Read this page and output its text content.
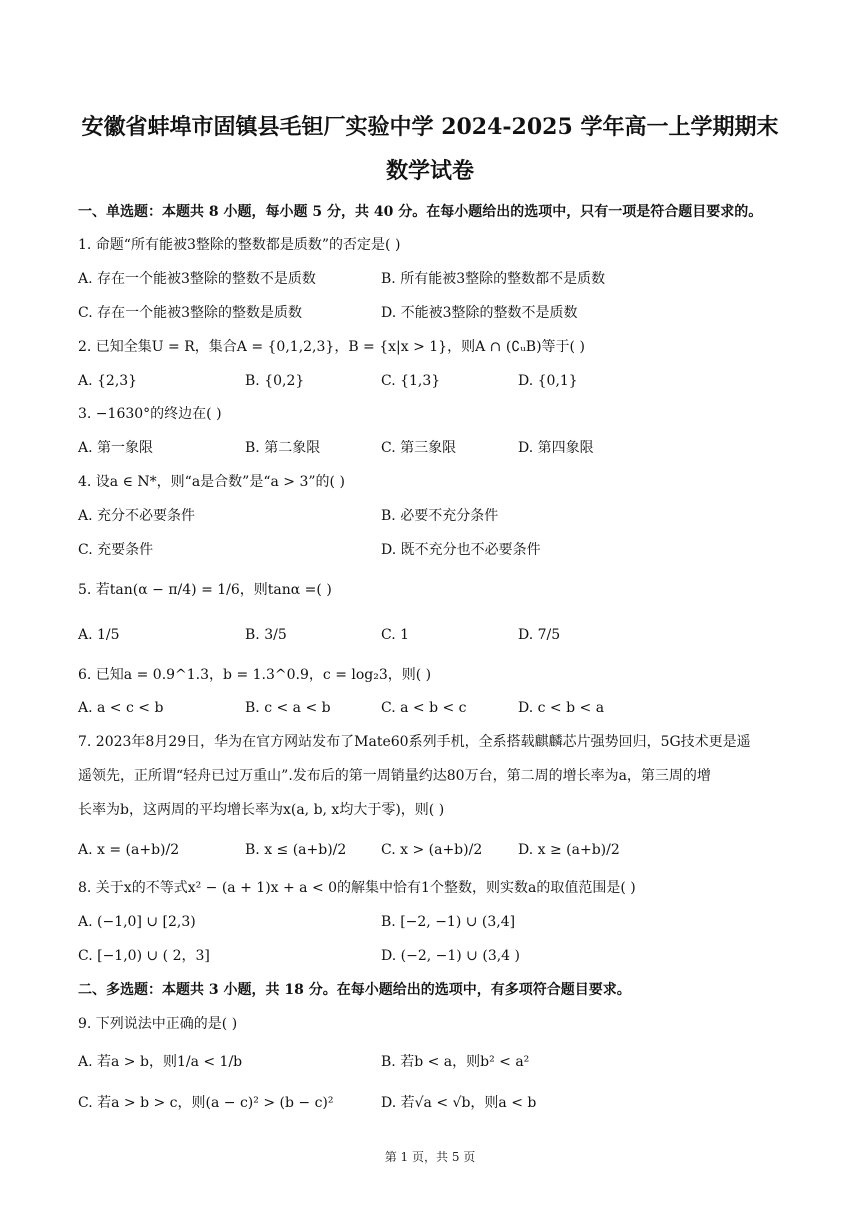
安徽省蚌埠市固镇县毛钽厂实验中学 2024-2025 学年高一上学期期末
数学试卷
一、单选题：本题共 8 小题，每小题 5 分，共 40 分。在每小题给出的选项中，只有一项是符合题目要求的。
1. 命题“所有能被3整除的整数都是质数”的否定是( )
A. 存在一个能被3整除的整数不是质数	B. 所有能被3整除的整数都不是质数
C. 存在一个能被3整除的整数是质数	D. 不能被3整除的整数不是质数
2. 已知全集U = R，集合A = {0,1,2,3}，B = {x|x > 1}，则A ∩ (∁ᵤB)等于( )
A. {2,3}	B. {0,2}	C. {1,3}	D. {0,1}
3. −1630°的终边在( )
A. 第一象限	B. 第二象限	C. 第三象限	D. 第四象限
4. 设a ∈ N*，则“a是合数”是“a > 3”的( )
A. 充分不必要条件	B. 必要不充分条件
C. 充要条件	D. 既不充分也不必要条件
5. 若tan(α − π/4) = 1/6，则tanα =( )
A. 1/5	B. 3/5	C. 1	D. 7/5
6. 已知a = 0.9^1.3，b = 1.3^0.9，c = log₂3，则( )
A. a < c < b	B. c < a < b	C. a < b < c	D. c < b < a
7. 2023年8月29日，华为在官方网站发布了Mate60系列手机，全系搭载麒麟芯片强势回归，5G技术更是遥
遥领先，正所谓“轻舟已过万重山”.发布后的第一周销量约达80万台，第二周的增长率为a，第三周的增
长率为b，这两周的平均增长率为x(a, b, x均大于零)，则( )
A. x = (a+b)/2	B. x ≤ (a+b)/2 C. x > (a+b)/2	D. x ≥ (a+b)/2
8. 关于x的不等式x² − (a + 1)x + a < 0的解集中恰有1个整数，则实数a的取值范围是( )
A. (−1,0] ∪ [2,3)	B. [−2, −1) ∪ (3,4]
C. [−1,0) ∪ ( 2，3]	D. (−2, −1) ∪ (3,4 )
二、多选题：本题共 3 小题，共 18 分。在每小题给出的选项中，有多项符合题目要求。
9. 下列说法中正确的是( )
A. 若a > b，则1/a < 1/b	B. 若b < a，则b² < a²
C. 若a > b > c，则(a − c)² > (b − c)²	D. 若√a < √b，则a < b
第 1 页，共 5 页
